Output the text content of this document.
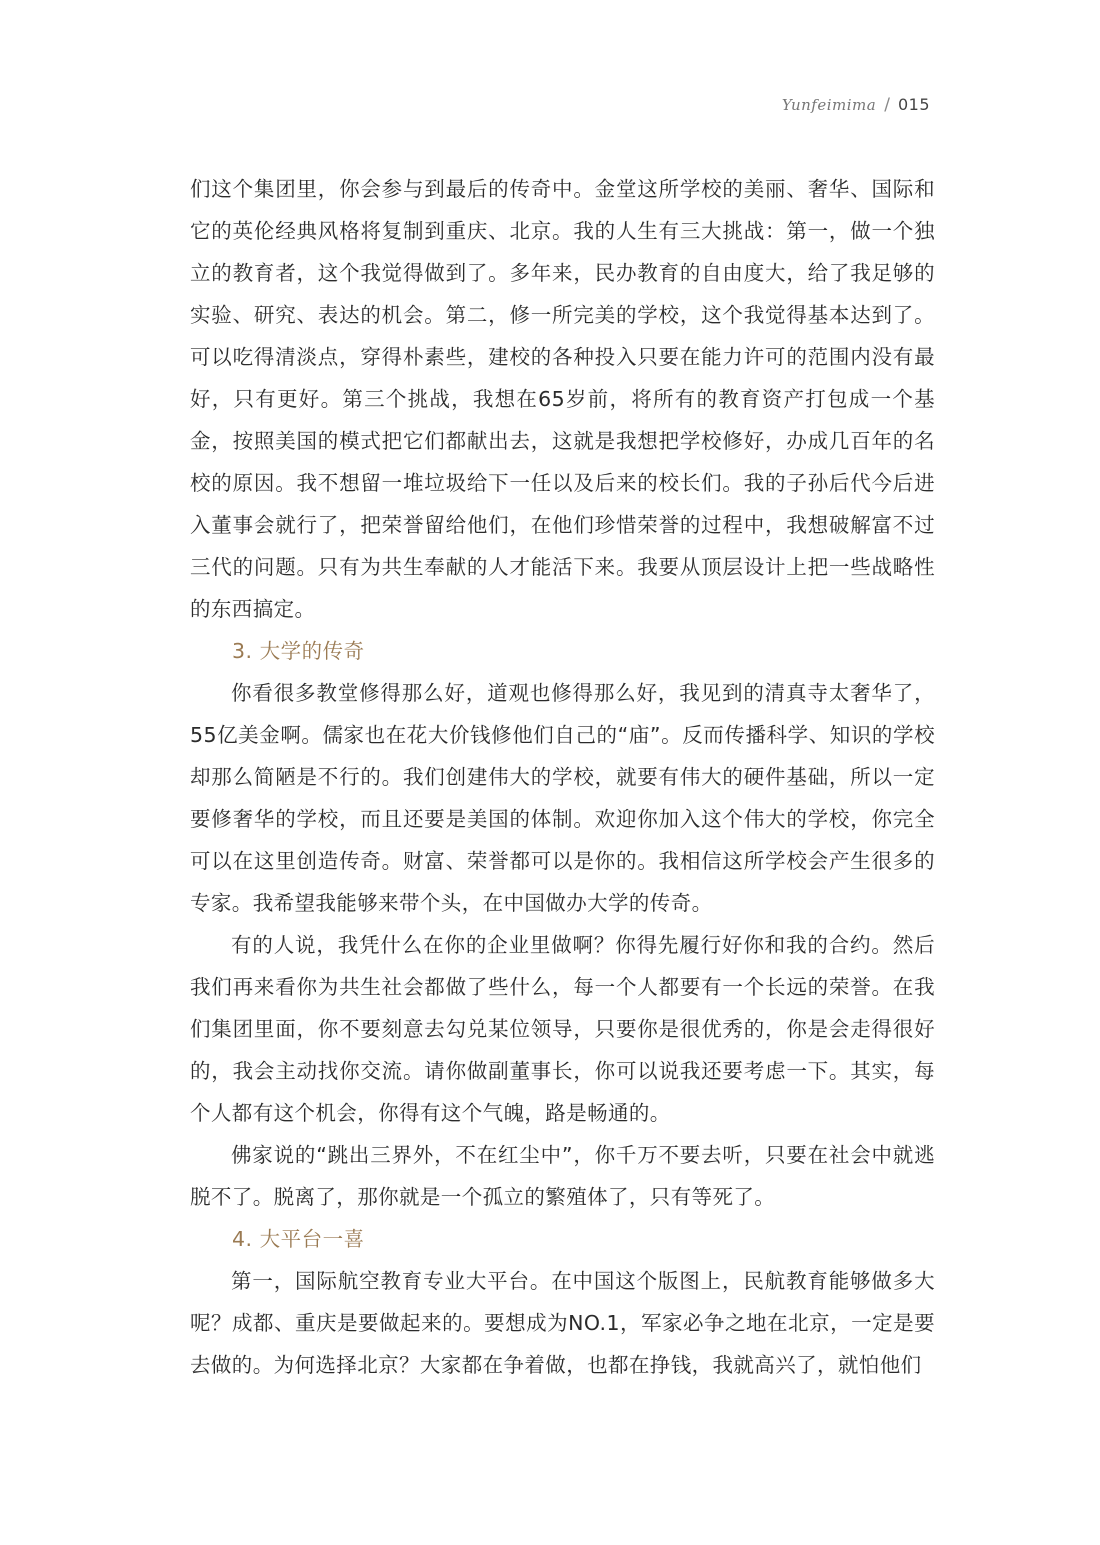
Yunfeimima / 015

们这个集团里，你会参与到最后的传奇中。金堂这所学校的美丽、奢华、国际和它的英伦经典风格将复制到重庆、北京。我的人生有三大挑战：第一，做一个独立的教育者，这个我觉得做到了。多年来，民办教育的自由度大，给了我足够的实验、研究、表达的机会。第二，修一所完美的学校，这个我觉得基本达到了。可以吃得清淡点，穿得朴素些，建校的各种投入只要在能力许可的范围内没有最好，只有更好。第三个挑战，我想在65岁前，将所有的教育资产打包成一个基金，按照美国的模式把它们都献出去，这就是我想把学校修好，办成几百年的名校的原因。我不想留一堆垃圾给下一任以及后来的校长们。我的子孙后代今后进入董事会就行了，把荣誉留给他们，在他们珍惜荣誉的过程中，我想破解富不过三代的问题。只有为共生奉献的人才能活下来。我要从顶层设计上把一些战略性的东西搞定。

3. 大学的传奇

你看很多教堂修得那么好，道观也修得那么好，我见到的清真寺太奢华了，55亿美金啊。儒家也在花大价钱修他们自己的“庙”。反而传播科学、知识的学校却那么简陋是不行的。我们创建伟大的学校，就要有伟大的硬件基础，所以一定要修奢华的学校，而且还要是美国的体制。欢迎你加入这个伟大的学校，你完全可以在这里创造传奇。财富、荣誉都可以是你的。我相信这所学校会产生很多的专家。我希望我能够来带个头，在中国做办大学的传奇。

有的人说，我凭什么在你的企业里做啊？你得先履行好你和我的合约。然后我们再来看你为共生社会都做了些什么，每一个人都要有一个长远的荣誉。在我们集团里面，你不要刻意去勾兑某位领导，只要你是很优秀的，你是会走得很好的，我会主动找你交流。请你做副董事长，你可以说我还要考虑一下。其实，每个人都有这个机会，你得有这个气魄，路是畅通的。

佛家说的“跳出三界外，不在红尘中”，你千万不要去听，只要在社会中就逃脱不了。脱离了，那你就是一个孤立的繁殖体了，只有等死了。

4. 大平台一喜

第一，国际航空教育专业大平台。在中国这个版图上，民航教育能够做多大呢？成都、重庆是要做起来的。要想成为NO.1，军家必争之地在北京，一定是要去做的。为何选择北京？大家都在争着做，也都在挣钱，我就高兴了，就怕他们
